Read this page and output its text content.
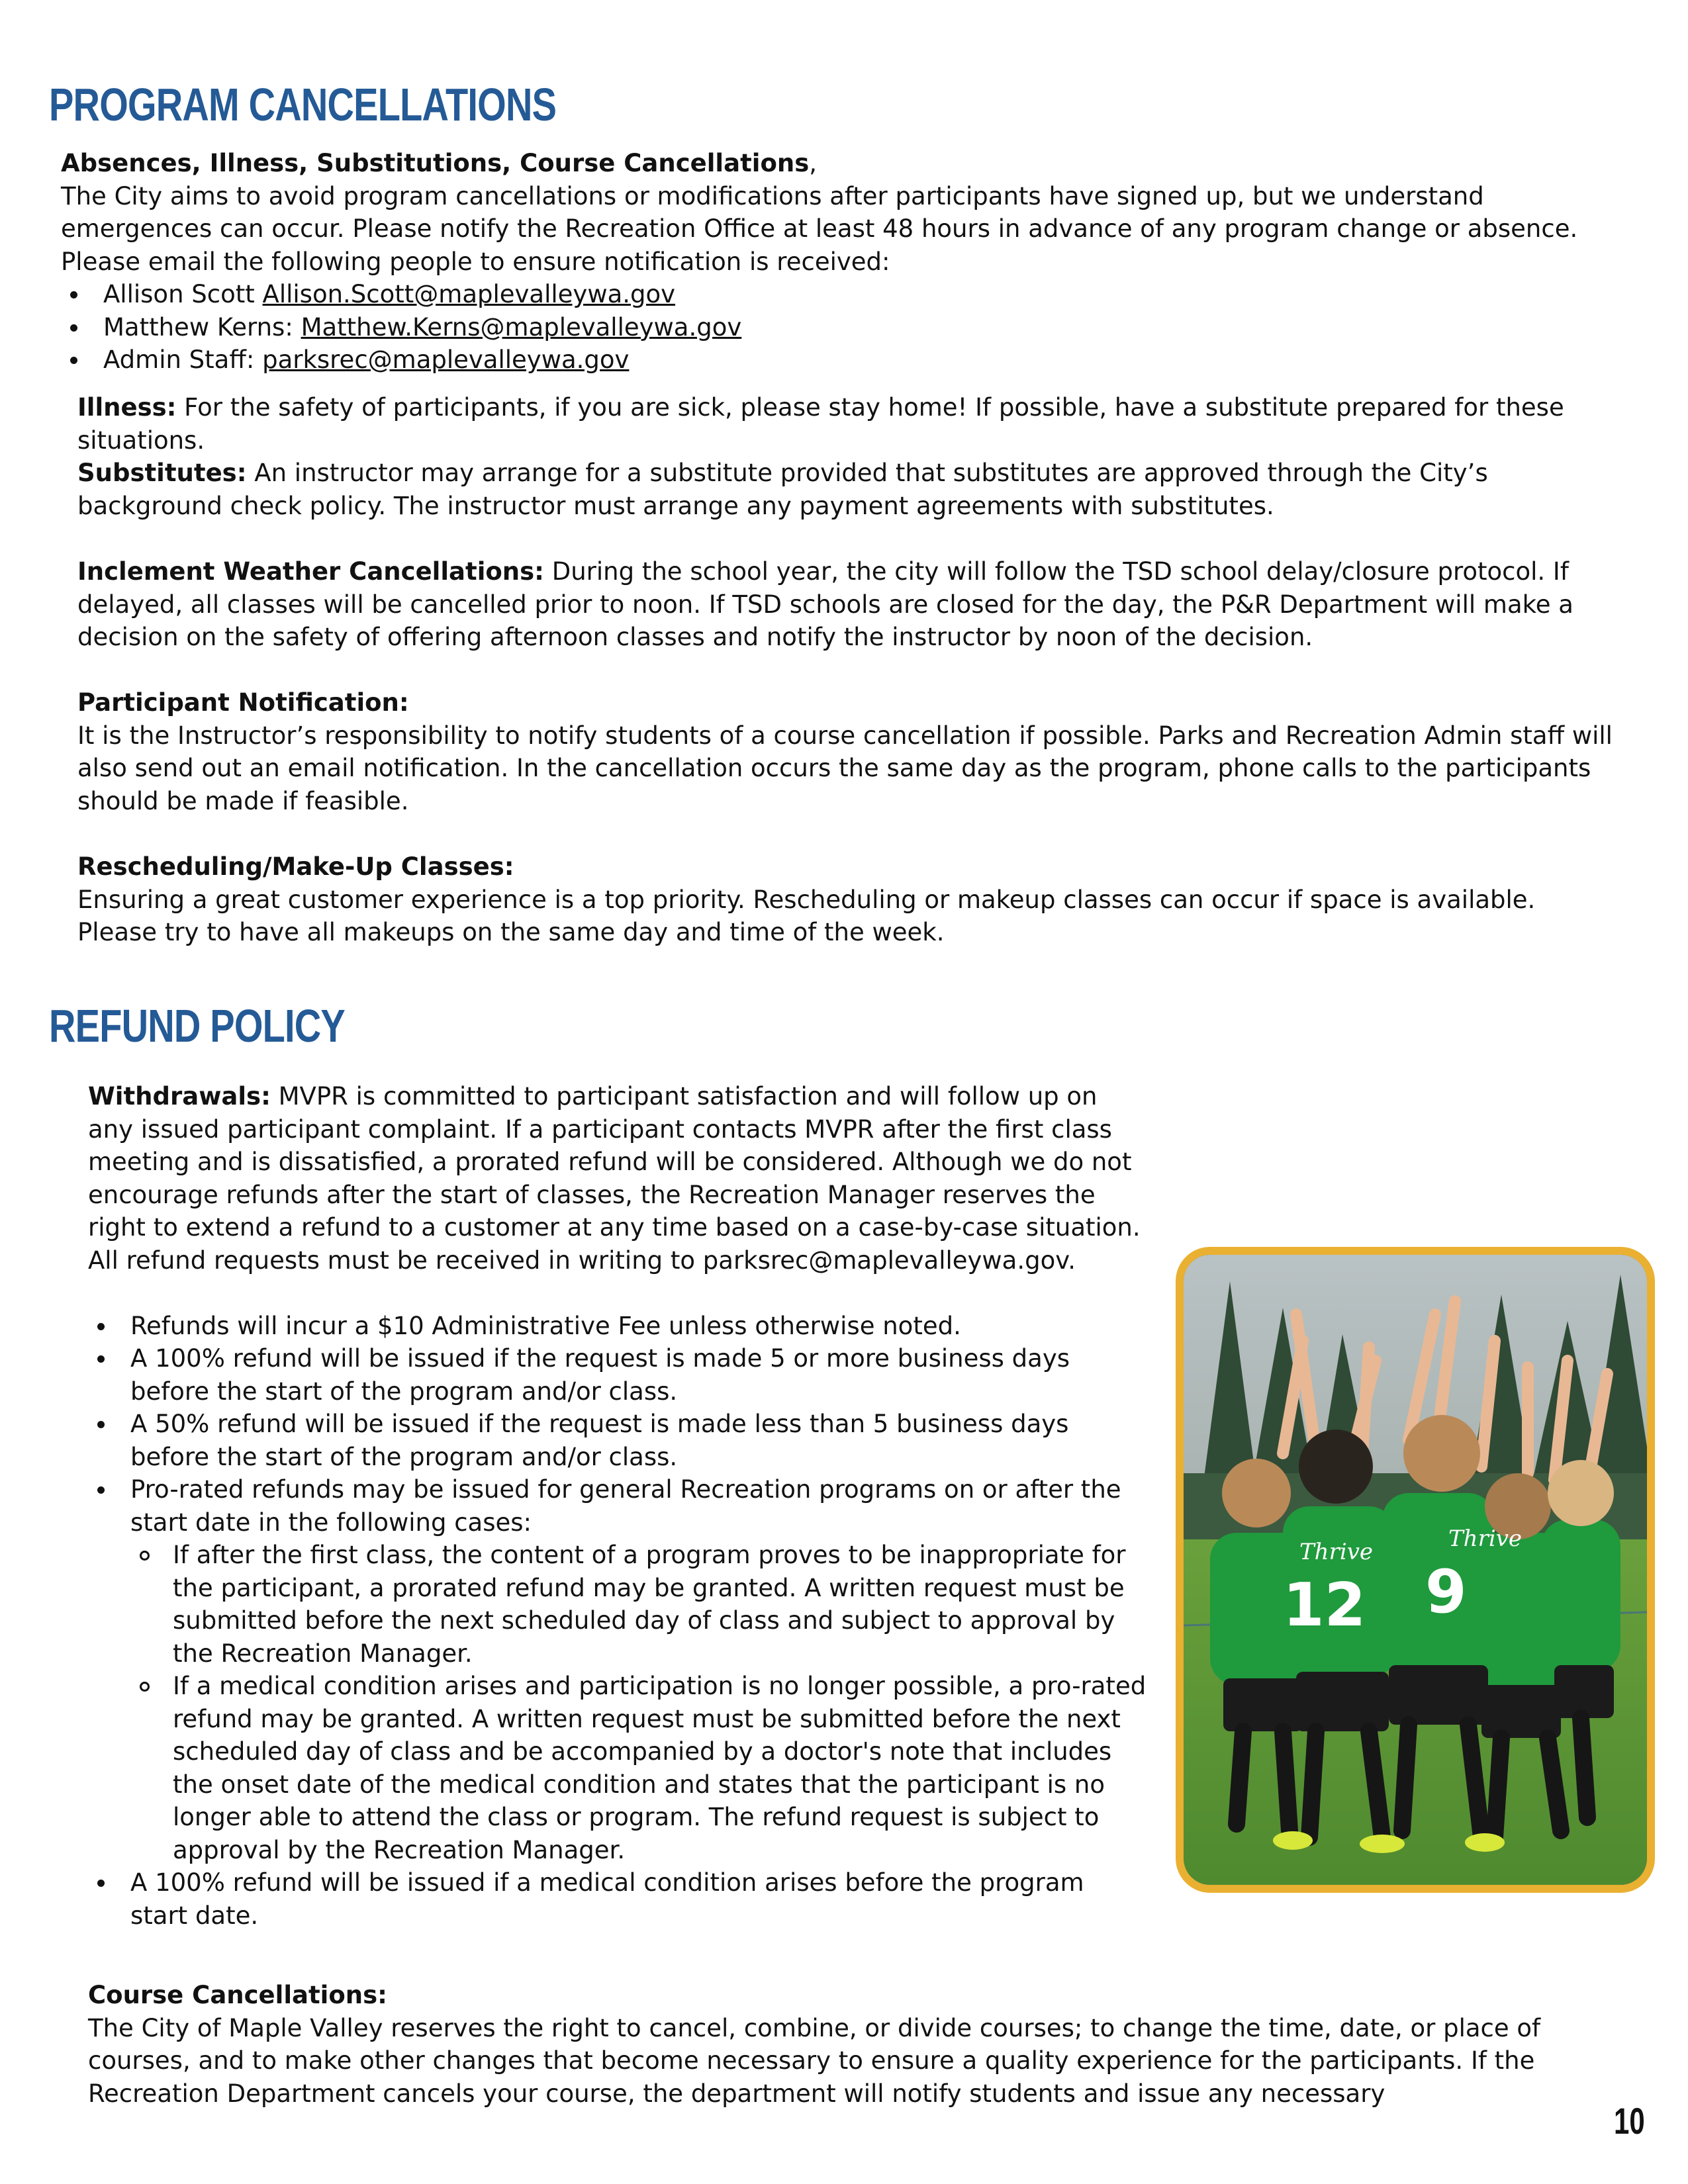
PROGRAM CANCELLATIONS

Absences, Illness, Substitutions, Course Cancellations,

The City aims to avoid program cancellations or modifications after participants have signed up, but we understand emergences can occur. Please notify the Recreation Office at least 48 hours in advance of any program change or absence. Please email the following people to ensure notification is received:

Allison Scott Allison.Scott@maplevalleywa.gov
Matthew Kerns: Matthew.Kerns@maplevalleywa.gov
Admin Staff: parksrec@maplevalleywa.gov

Illness: For the safety of participants, if you are sick, please stay home! If possible, have a substitute prepared for these situations.

Substitutes: An instructor may arrange for a substitute provided that substitutes are approved through the City’s background check policy. The instructor must arrange any payment agreements with substitutes.

Inclement Weather Cancellations: During the school year, the city will follow the TSD school delay/closure protocol. If delayed, all classes will be cancelled prior to noon. If TSD schools are closed for the day, the P&R Department will make a decision on the safety of offering afternoon classes and notify the instructor by noon of the decision.

Participant Notification:

It is the Instructor’s responsibility to notify students of a course cancellation if possible. Parks and Recreation Admin staff will also send out an email notification. In the cancellation occurs the same day as the program, phone calls to the participants should be made if feasible.

Rescheduling/Make-Up Classes:

Ensuring a great customer experience is a top priority. Rescheduling or makeup classes can occur if space is available. Please try to have all makeups on the same day and time of the week.

REFUND POLICY

Withdrawals: MVPR is committed to participant satisfaction and will follow up on any issued participant complaint. If a participant contacts MVPR after the first class meeting and is dissatisfied, a prorated refund will be considered. Although we do not encourage refunds after the start of classes, the Recreation Manager reserves the right to extend a refund to a customer at any time based on a case-by-case situation. All refund requests must be received in writing to parksrec@maplevalleywa.gov.

Refunds will incur a $10 Administrative Fee unless otherwise noted.
A 100% refund will be issued if the request is made 5 or more business days before the start of the program and/or class.
A 50% refund will be issued if the request is made less than 5 business days before the start of the program and/or class.
Pro-rated refunds may be issued for general Recreation programs on or after the start date in the following cases:
If after the first class, the content of a program proves to be inappropriate for the participant, a prorated refund may be granted. A written request must be submitted before the next scheduled day of class and subject to approval by the Recreation Manager.
If a medical condition arises and participation is no longer possible, a pro-rated refund may be granted. A written request must be submitted before the next scheduled day of class and be accompanied by a doctor's note that includes the onset date of the medical condition and states that the participant is no longer able to attend the class or program. The refund request is subject to approval by the Recreation Manager.
A 100% refund will be issued if a medical condition arises before the program start date.

Course Cancellations:

The City of Maple Valley reserves the right to cancel, combine, or divide courses; to change the time, date, or place of courses, and to make other changes that become necessary to ensure a quality experience for the participants. If the Recreation Department cancels your course, the department will notify students and issue any necessary

Thrive
12
Thrive
9
10
